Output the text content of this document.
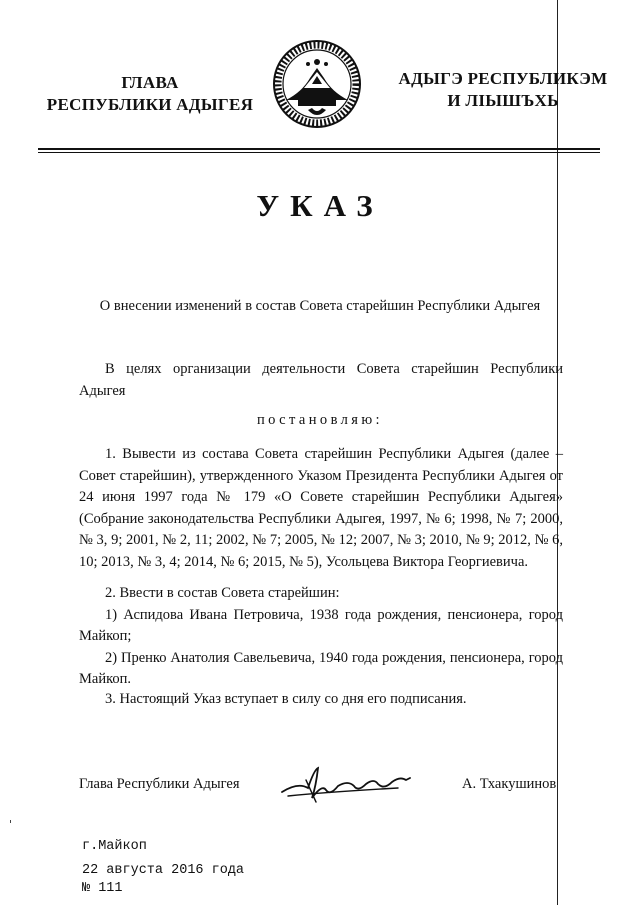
ГЛАВА
РЕСПУБЛИКИ АДЫГЕЯ
АДЫГЭ РЕСПУБЛИКЭМ
И ЛІЫШЪХЬ
УКАЗ
О внесении изменений в состав Совета старейшин Республики Адыгея

В целях организации деятельности Совета старейшин Республики Адыгея

постановляю:

1. Вывести из состава Совета старейшин Республики Адыгея (далее – Совет старейшин), утвержденного Указом Президента Республики Адыгея от 24 июня 1997 года № 179 «О Совете старейшин Республики Адыгея» (Собрание законодательства Республики Адыгея, 1997, № 6; 1998, № 7; 2000, № 3, 9; 2001, № 2, 11; 2002, № 7; 2005, № 12; 2007, № 3; 2010, № 9; 2012, № 6, 10; 2013, № 3, 4; 2014, № 6; 2015, № 5), Усольцева Виктора Георгиевича.

2. Ввести в состав Совета старейшин:

1) Аспидова Ивана Петровича, 1938 года рождения, пенсионера, город Майкоп;

2) Пренко Анатолия Савельевича, 1940 года рождения, пенсионера, город Майкоп.

3. Настоящий Указ вступает в силу со дня его подписания.

Глава Республики Адыгея	А. Тхакушинов
г.Майкоп
22 августа 2016 года
№ 111
